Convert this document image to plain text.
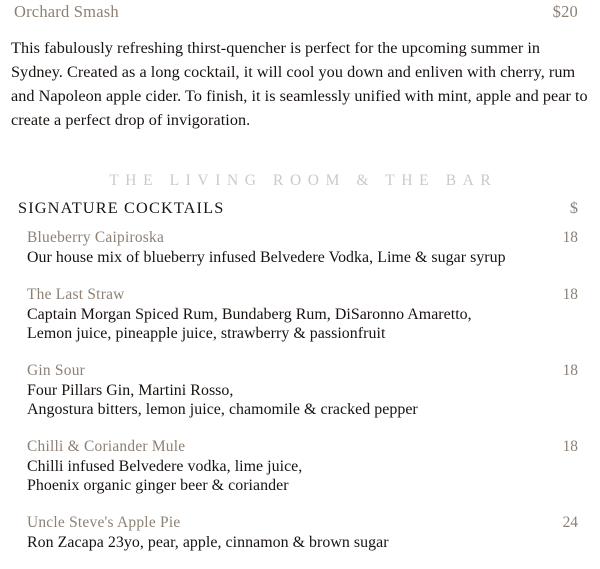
Orchard Smash	$20
This fabulously refreshing thirst-quencher is perfect for the upcoming summer in Sydney. Created as a long cocktail, it will cool you down and enliven with cherry, rum and Napoleon apple cider. To finish, it is seamlessly unified with mint, apple and pear to create a perfect drop of invigoration.
THE LIVING ROOM & THE BAR
SIGNATURE COCKTAILS	$
Blueberry Caipiroska	18
Our house mix of blueberry infused Belvedere Vodka, Lime & sugar syrup
The Last Straw	18
Captain Morgan Spiced Rum, Bundaberg Rum, DiSaronno Amaretto,
Lemon juice, pineapple juice, strawberry & passionfruit
Gin Sour	18
Four Pillars Gin, Martini Rosso,
Angostura bitters, lemon juice, chamomile & cracked pepper
Chilli & Coriander Mule	18
Chilli infused Belvedere vodka, lime juice,
Phoenix organic ginger beer & coriander
Uncle Steve's Apple Pie	24
Ron Zacapa 23yo, pear, apple, cinnamon & brown sugar
